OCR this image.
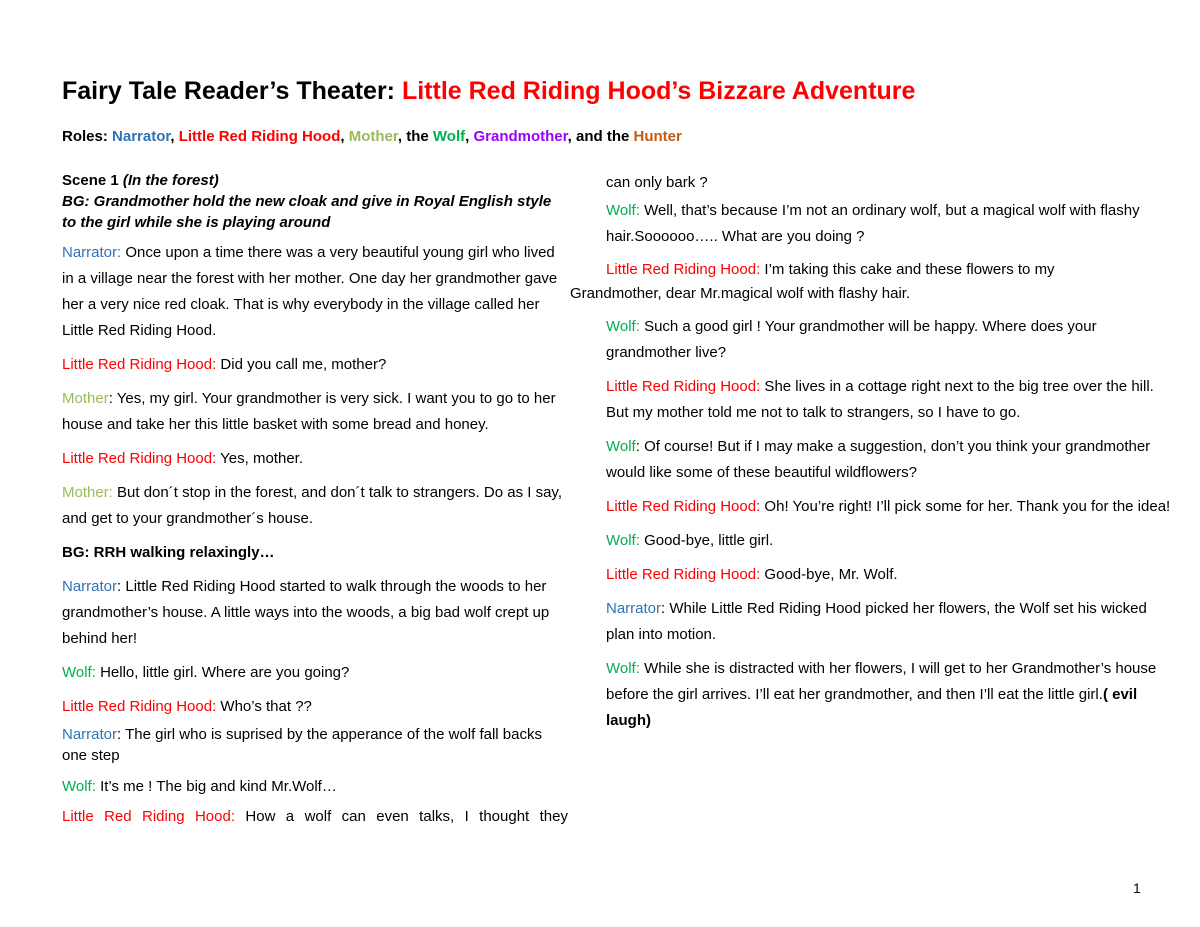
Fairy Tale Reader’s Theater: Little Red Riding Hood’s Bizzare Adventure
Roles: Narrator, Little Red Riding Hood, Mother, the Wolf, Grandmother, and the Hunter
Scene 1 (In the forest)
BG: Grandmother hold the new cloak and give in Royal English style to the girl while she is playing around
Narrator: Once upon a time there was a very beautiful young girl who lived in a village near the forest with her mother. One day her grandmother gave her a very nice red cloak. That is why everybody in the village called her Little Red Riding Hood.
Little Red Riding Hood: Did you call me, mother?
Mother: Yes, my girl. Your grandmother is very sick. I want you to go to her house and take her this little basket with some bread and honey.
Little Red Riding Hood: Yes, mother.
Mother: But don´t stop in the forest, and don´t talk to strangers. Do as I say, and get to your grandmother´s house.
BG: RRH walking relaxingly…
Narrator: Little Red Riding Hood started to walk through the woods to her grandmother’s house. A little ways into the woods, a big bad wolf crept up behind her!
Wolf: Hello, little girl. Where are you going?
Little Red Riding Hood: Who’s that ??
Narrator: The girl who is suprised by the apperance of the wolf fall backs one step
Wolf: It’s me ! The big and kind Mr.Wolf…
Little Red Riding Hood: How a wolf can even talks, I thought they
can only bark ?
Wolf: Well, that’s because I’m not an ordinary wolf, but a magical wolf with flashy hair.Soooooo….. What are you doing ?
Little Red Riding Hood: I’m taking this cake and these flowers to my
Grandmother, dear Mr.magical wolf with flashy hair.
Wolf: Such a good girl ! Your grandmother will be happy. Where does your grandmother live?
Little Red Riding Hood: She lives in a cottage right next to the big tree over the hill. But my mother told me not to talk to strangers, so I have to go.
Wolf: Of course! But if I may make a suggestion, don’t you think your grandmother would like some of these beautiful wildflowers?
Little Red Riding Hood: Oh! You’re right! I’ll pick some for her. Thank you for the idea!
Wolf: Good-bye, little girl.
Little Red Riding Hood: Good-bye, Mr. Wolf.
Narrator: While Little Red Riding Hood picked her flowers, the Wolf set his wicked plan into motion.
Wolf: While she is distracted with her flowers, I will get to her Grandmother’s house before the girl arrives. I’ll eat her grandmother, and then I’ll eat the little girl.( evil laugh)
1
